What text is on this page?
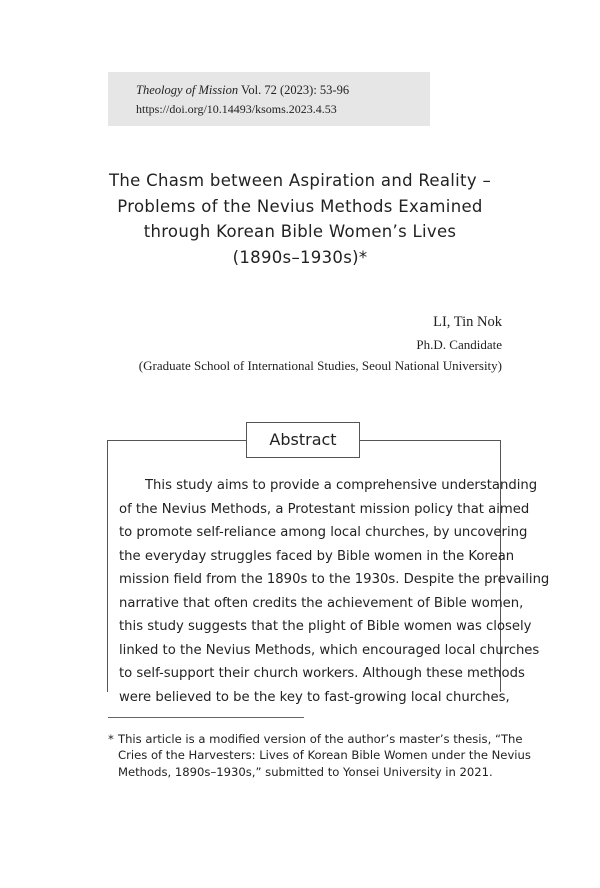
Theology of Mission Vol. 72 (2023): 53-96
https://doi.org/10.14493/ksoms.2023.4.53
The Chasm between Aspiration and Reality –
Problems of the Nevius Methods Examined
through Korean Bible Women’s Lives
(1890s–1930s)*
LI, Tin Nok
Ph.D. Candidate
(Graduate School of International Studies, Seoul National University)
Abstract
This study aims to provide a comprehensive understanding
of the Nevius Methods, a Protestant mission policy that aimed
to promote self-reliance among local churches, by uncovering
the everyday struggles faced by Bible women in the Korean
mission field from the 1890s to the 1930s. Despite the prevailing
narrative that often credits the achievement of Bible women,
this study suggests that the plight of Bible women was closely
linked to the Nevius Methods, which encouraged local churches
to self-support their church workers. Although these methods
were believed to be the key to fast-growing local churches,
* This article is a modified version of the author’s master’s thesis, “The
Cries of the Harvesters: Lives of Korean Bible Women under the Nevius
Methods, 1890s–1930s,” submitted to Yonsei University in 2021.
